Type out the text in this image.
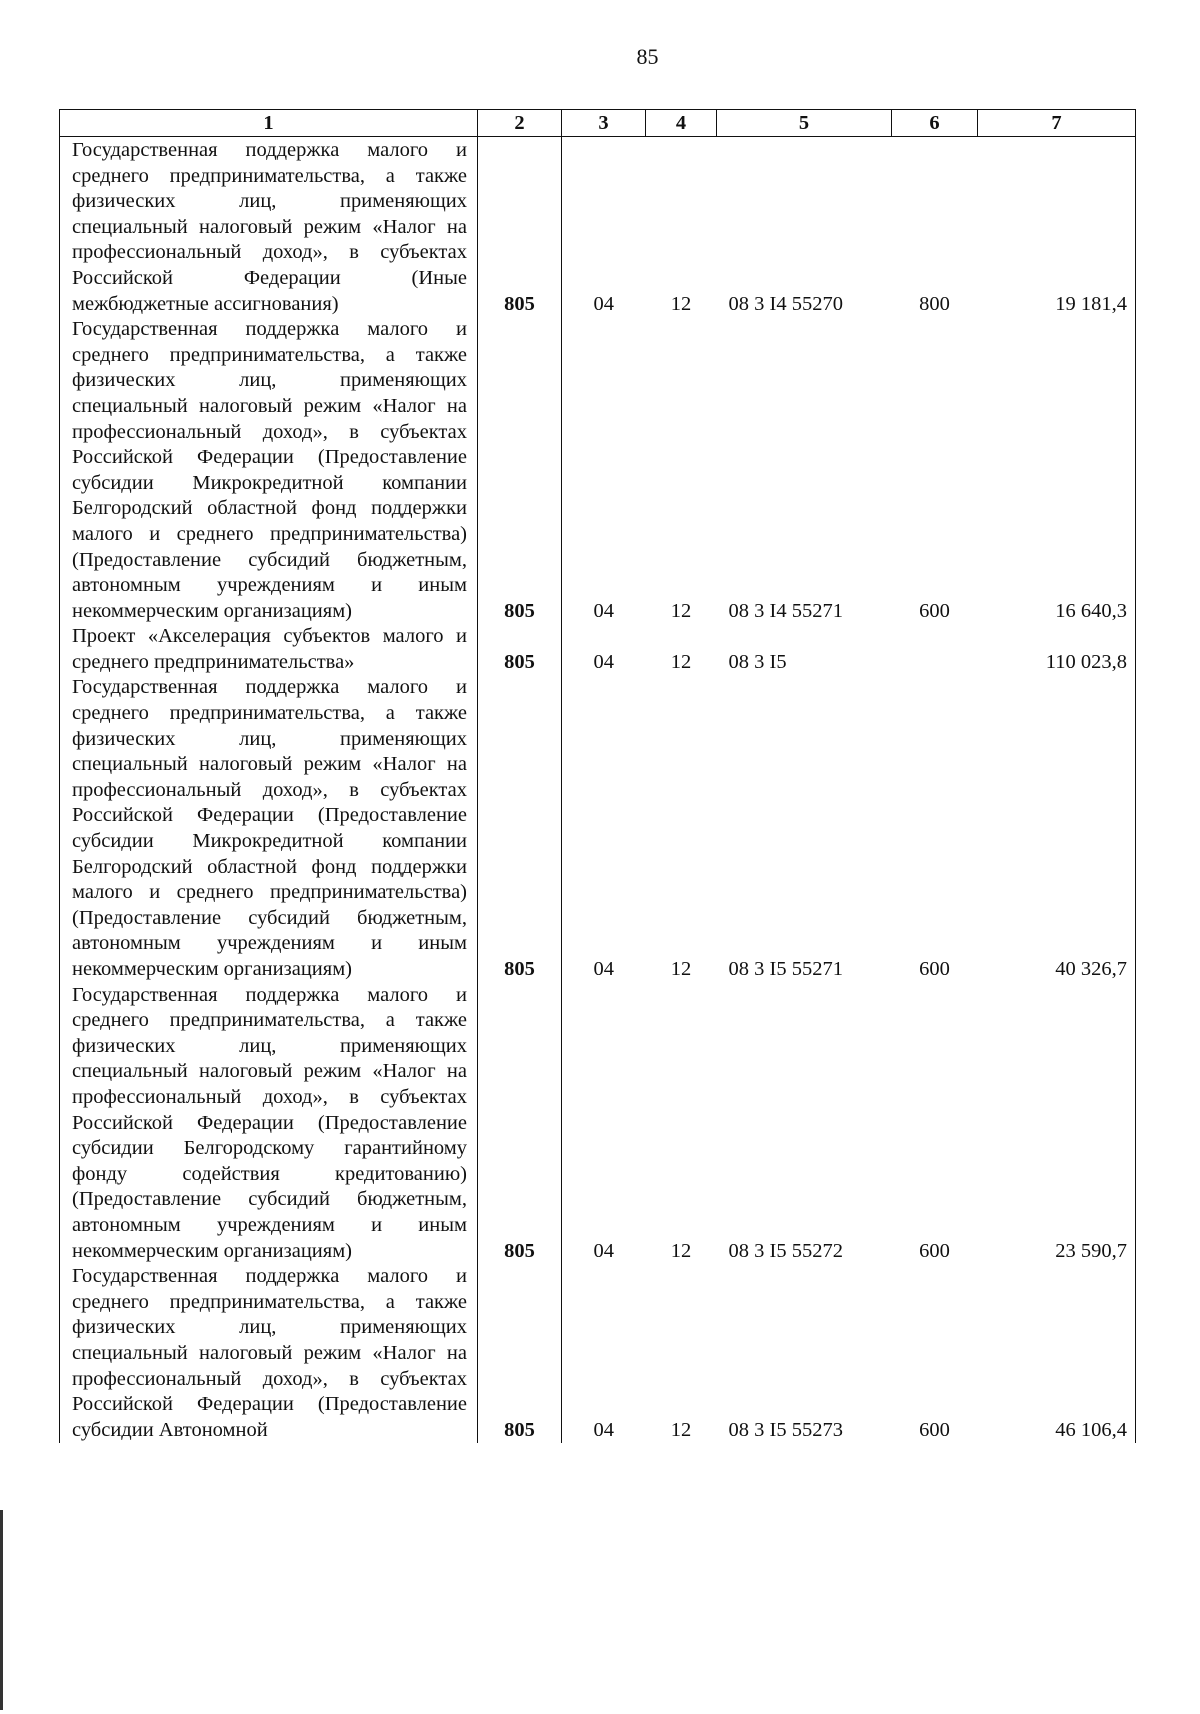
85
1	2	3	4	5	6	7
Государственная поддержка малого и среднего предпринимательства, а также физических лиц, применяющих специальный налоговый режим «Налог на профессиональный доход», в субъектах Российской Федерации (Иные межбюджетные ассигнования)	805	04	12	08 3 I4 55270	800	19 181,4
Государственная поддержка малого и среднего предпринимательства, а также физических лиц, применяющих специальный налоговый режим «Налог на профессиональный доход», в субъектах Российской Федерации (Предоставление субсидии Микрокредитной компании Белгородский областной фонд поддержки малого и среднего предпринимательства) (Предоставление субсидий бюджетным, автономным учреждениям и иным некоммерческим организациям)	805	04	12	08 3 I4 55271	600	16 640,3
Проект «Акселерация субъектов малого и среднего предпринимательства»	805	04	12	08 3 I5		110 023,8
Государственная поддержка малого и среднего предпринимательства, а также физических лиц, применяющих специальный налоговый режим «Налог на профессиональный доход», в субъектах Российской Федерации (Предоставление субсидии Микрокредитной компании Белгородский областной фонд поддержки малого и среднего предпринимательства) (Предоставление субсидий бюджетным, автономным учреждениям и иным некоммерческим организациям)	805	04	12	08 3 I5 55271	600	40 326,7
Государственная поддержка малого и среднего предпринимательства, а также физических лиц, применяющих специальный налоговый режим «Налог на профессиональный доход», в субъектах Российской Федерации (Предоставление субсидии Белгородскому гарантийному фонду содействия кредитованию) (Предоставление субсидий бюджетным, автономным учреждениям и иным некоммерческим организациям)	805	04	12	08 3 I5 55272	600	23 590,7
Государственная поддержка малого и среднего предпринимательства, а также физических лиц, применяющих специальный налоговый режим «Налог на профессиональный доход», в субъектах Российской Федерации (Предоставление субсидии Автономной	805	04	12	08 3 I5 55273	600	46 106,4
